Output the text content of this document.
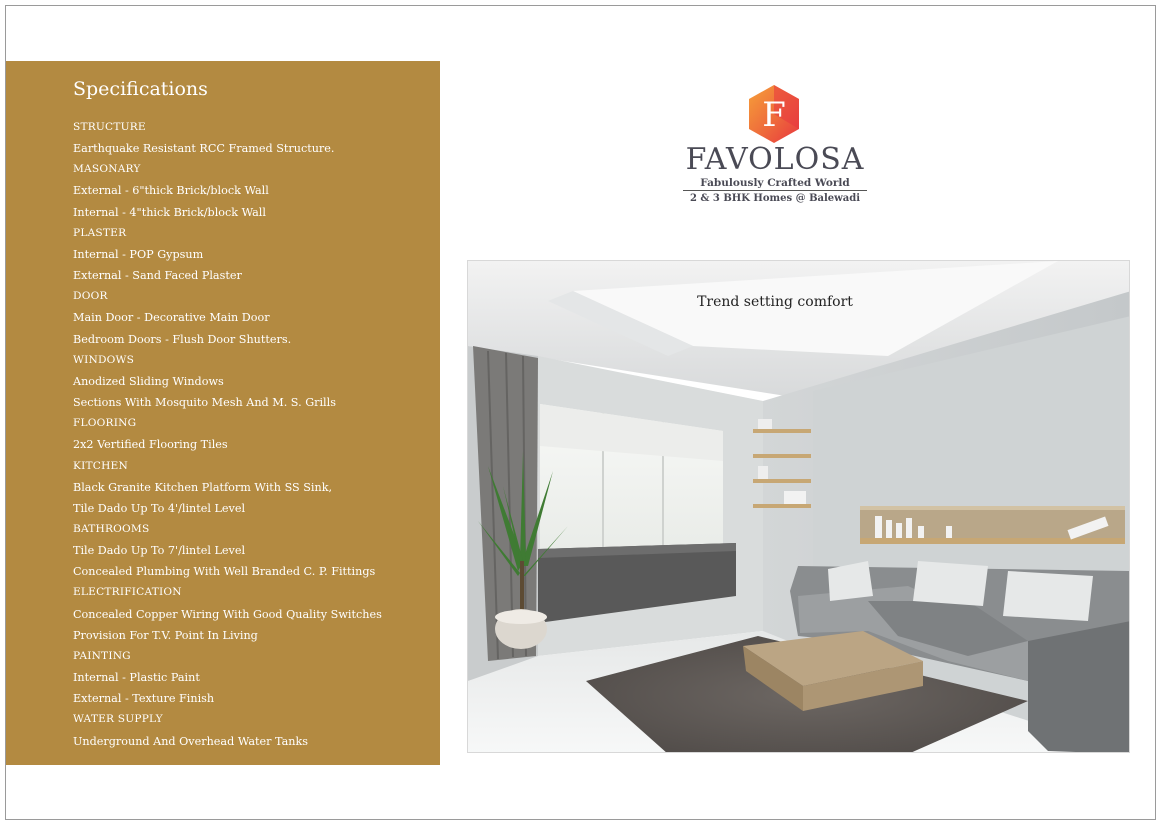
Specifications
STRUCTURE
Earthquake Resistant RCC Framed Structure.
MASONARY
External - 6"thick Brick/block Wall
Internal - 4"thick Brick/block Wall
PLASTER
Internal - POP Gypsum
External - Sand Faced Plaster
DOOR
Main Door - Decorative Main Door
Bedroom Doors - Flush Door Shutters.
WINDOWS
Anodized Sliding Windows
Sections With Mosquito Mesh And M. S. Grills
FLOORING
2x2 Vertified Flooring Tiles
KITCHEN
Black Granite Kitchen Platform With SS Sink,
Tile Dado Up To 4'/lintel Level
BATHROOMS
Tile Dado Up To 7'/lintel Level
Concealed Plumbing With Well Branded C. P. Fittings
ELECTRIFICATION
Concealed Copper Wiring With Good Quality Switches
Provision For T.V. Point In Living
PAINTING
Internal - Plastic Paint
External - Texture Finish
WATER SUPPLY
Underground And Overhead Water Tanks
F
FAVOLOSA
Fabulously Crafted World
2 & 3 BHK Homes @ Balewadi
Trend setting comfort
